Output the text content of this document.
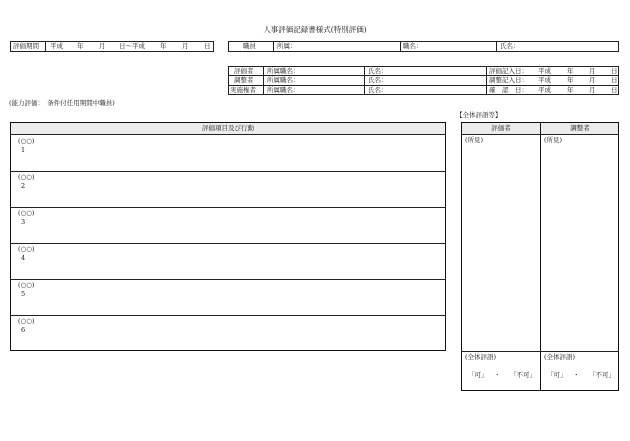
人事評価記録書様式(特別評価)
評価期間 平成 年 月 日～平成 年 月 日	職員	所属：	職名：	氏名：
評価者 所属職名：	氏名：	評価記入日： 平成 年 月 日
調整者 所属職名：	氏名：	調整記入日： 平成 年 月 日
実施権者 所属職名：	氏名：	確　認　日： 平成 年 月 日
(能力評価：　条件付任用期間中職員)
【全体評語等】
評価項目及び行動
(○○)
1
(○○)
2
(○○)
3
(○○)
4
(○○)
5
(○○)
6
評価者	調整者
(所見)	(所見)
(全体評語)	(全体評語)
「可」 ・ 「不可」 「可」 ・ 「不可」
